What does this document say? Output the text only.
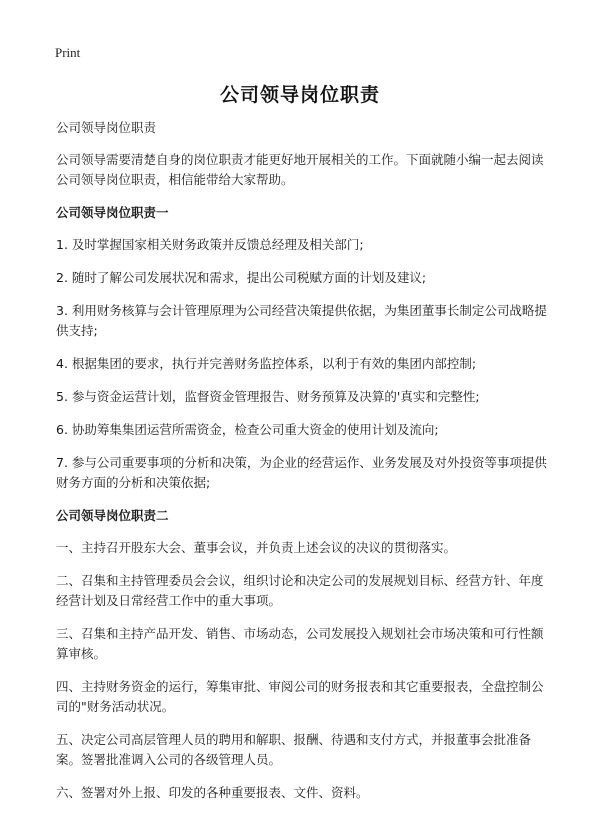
Print
公司领导岗位职责

公司领导岗位职责

公司领导需要清楚自身的岗位职责才能更好地开展相关的工作。下面就随小编一起去阅读公司领导岗位职责，相信能带给大家帮助。

公司领导岗位职责一

1. 及时掌握国家相关财务政策并反馈总经理及相关部门;

2. 随时了解公司发展状况和需求，提出公司税赋方面的计划及建议;

3. 利用财务核算与会计管理原理为公司经营决策提供依据，为集团董事长制定公司战略提供支持;

4. 根据集团的要求，执行并完善财务监控体系，以利于有效的集团内部控制;

5. 参与资金运营计划，监督资金管理报告、财务预算及决算的'真实和完整性;

6. 协助筹集集团运营所需资金，检查公司重大资金的使用计划及流向;

7. 参与公司重要事项的分析和决策，为企业的经营运作、业务发展及对外投资等事项提供财务方面的分析和决策依据;

公司领导岗位职责二

一、主持召开股东大会、董事会议，并负责上述会议的决议的贯彻落实。

二、召集和主持管理委员会会议，组织讨论和决定公司的发展规划目标、经营方针、年度经营计划及日常经营工作中的重大事项。

三、召集和主持产品开发、销售、市场动态，公司发展投入规划社会市场决策和可行性额算审核。

四、主持财务资金的运行，筹集审批、审阅公司的财务报表和其它重要报表，全盘控制公司的"财务活动状况。

五、决定公司高层管理人员的聘用和解职、报酬、待遇和支付方式，并报董事会批准备案。签署批准调入公司的各级管理人员。

六、签署对外上报、印发的各种重要报表、文件、资料。
